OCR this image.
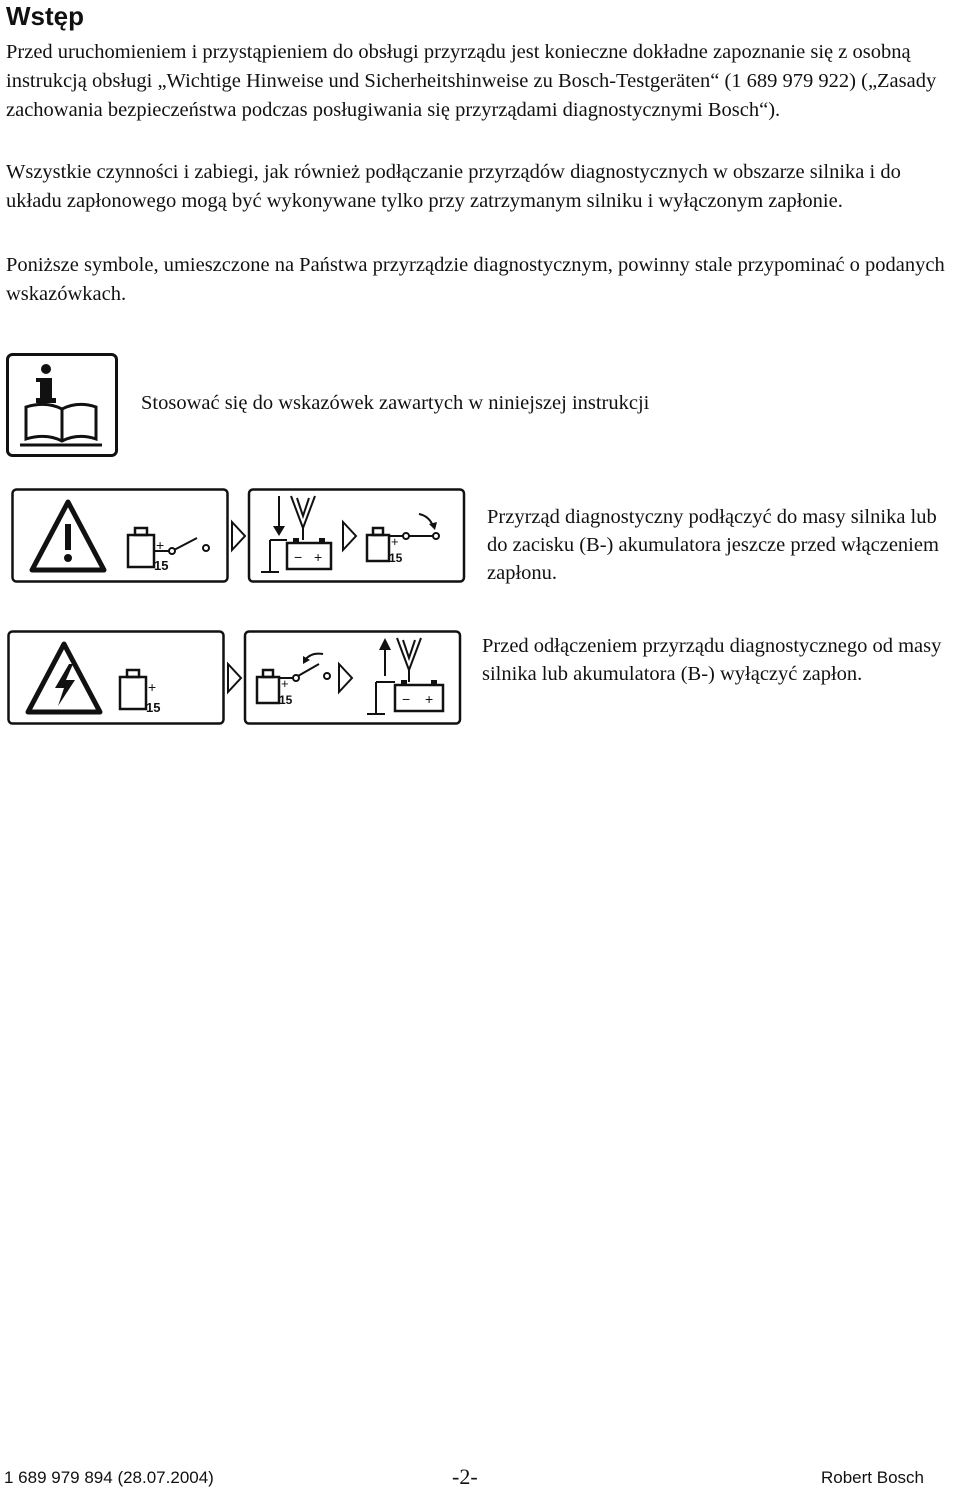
Wstęp

Przed uruchomieniem i przystąpieniem do obsługi przyrządu jest konieczne dokładne zapoznanie się z osobną instrukcją obsługi „Wichtige Hinweise und Sicherheitshinweise zu Bosch-Testgeräten“ (1 689 979 922) („Zasady zachowania bezpieczeństwa podczas posługiwania się przyrządami diagnostycznymi Bosch“).

Wszystkie czynności i zabiegi, jak również podłączanie przyrządów diagnostycznych w obszarze silnika i do układu zapłonowego mogą być wykonywane tylko przy zatrzymanym silniku i wyłączonym zapłonie.

Poniższe symbole, umieszczone na Państwa przyrządzie diagnostycznym, powinny stale przypominać o podanych wskazówkach.

Stosować się do wskazówek zawartych w niniejszej instrukcji

+
15
− +
+
15

Przyrząd diagnostyczny podłączyć do masy silnika lub do zacisku (B-) akumulatora jeszcze przed włączeniem zapłonu.

+
15
+
15	− +

Przed odłączeniem przyrządu diagnostycznego od masy silnika lub akumulatora (B-) wyłączyć zapłon.

1 689 979 894 (28.07.2004)	-2-	Robert Bosch
